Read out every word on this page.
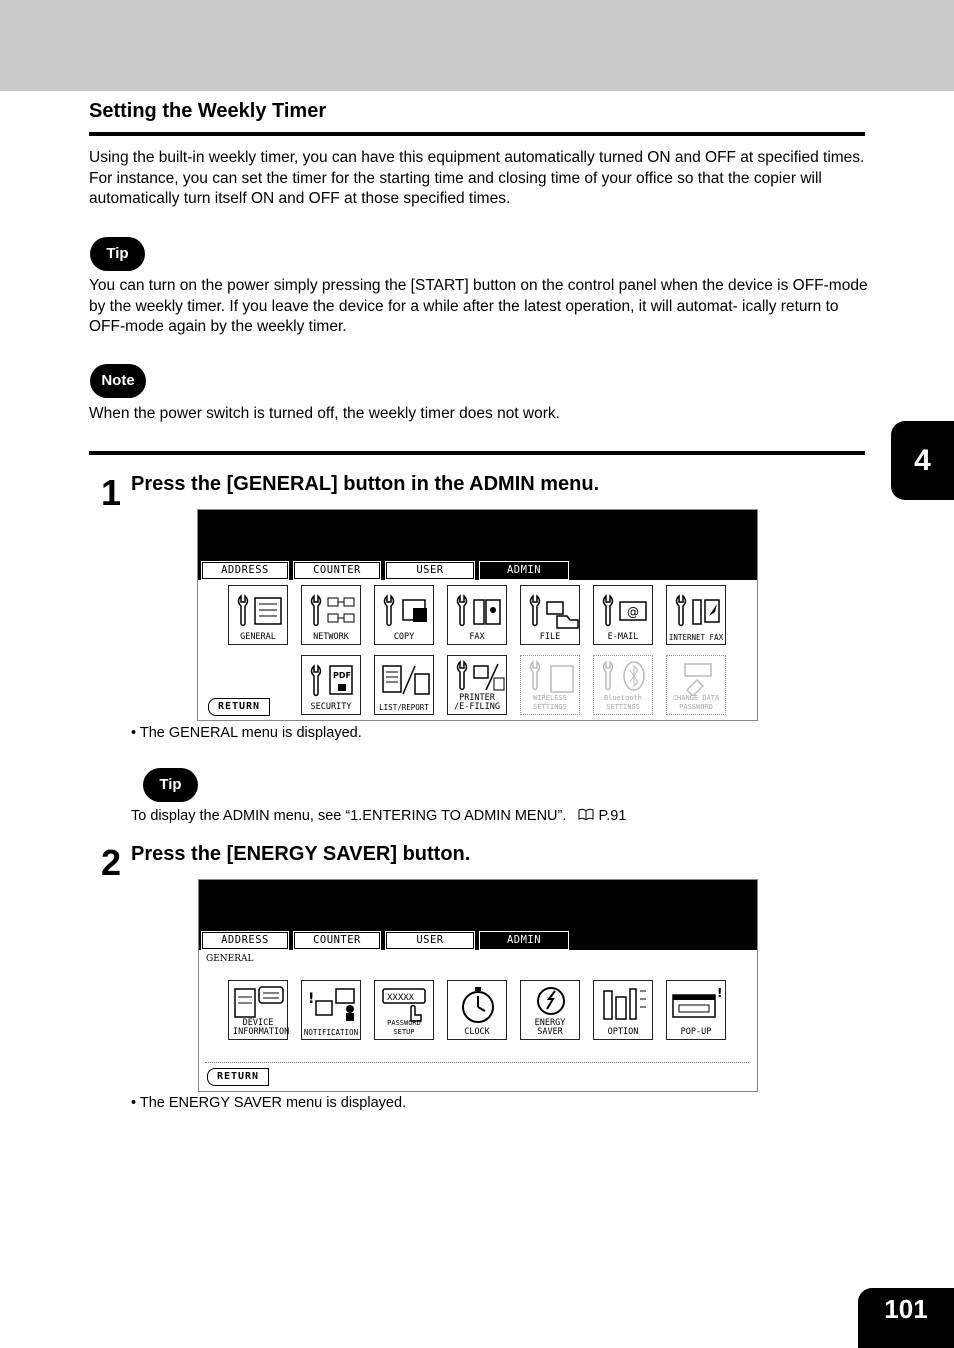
Setting the Weekly Timer
Using the built-in weekly timer, you can have this equipment automatically turned ON and OFF at specified times. For instance, you can set the timer for the starting time and closing time of your office so that the copier will automatically turn itself ON and OFF at those specified times.
Tip
You can turn on the power simply pressing the [START] button on the control panel when the device is OFF-mode by the weekly timer. If you leave the device for a while after the latest operation, it will automat- ically return to OFF-mode again by the weekly timer.
Note
When the power switch is turned off, the weekly timer does not work.
4
1 Press the [GENERAL] button in the ADMIN menu.
ADDRESS	COUNTER	USER	ADMIN
GENERAL	NETWORK	COPY	FAX	FILE
@
E-MAIL	INTERNET FAX
RETURN
PDF
SECURITY	LIST/REPORT
PRINTER /E-FILING
WIRELESS SETTINGS
Bluetooth SETTINGS
CHANGE DATA PASSWORD
• The GENERAL menu is displayed.
Tip
To display the ADMIN menu, see “1.ENTERING TO ADMIN MENU”. P.91
2 Press the [ENERGY SAVER] button.
ADDRESS	COUNTER	USER	ADMIN
GENERAL
DEVICE INFORMATION
!
NOTIFICATION
XXXXX
PASSWORD SETUP	CLOCK
ENERGY SAVER	OPTION
!
POP-UP
RETURN
• The ENERGY SAVER menu is displayed.
101
